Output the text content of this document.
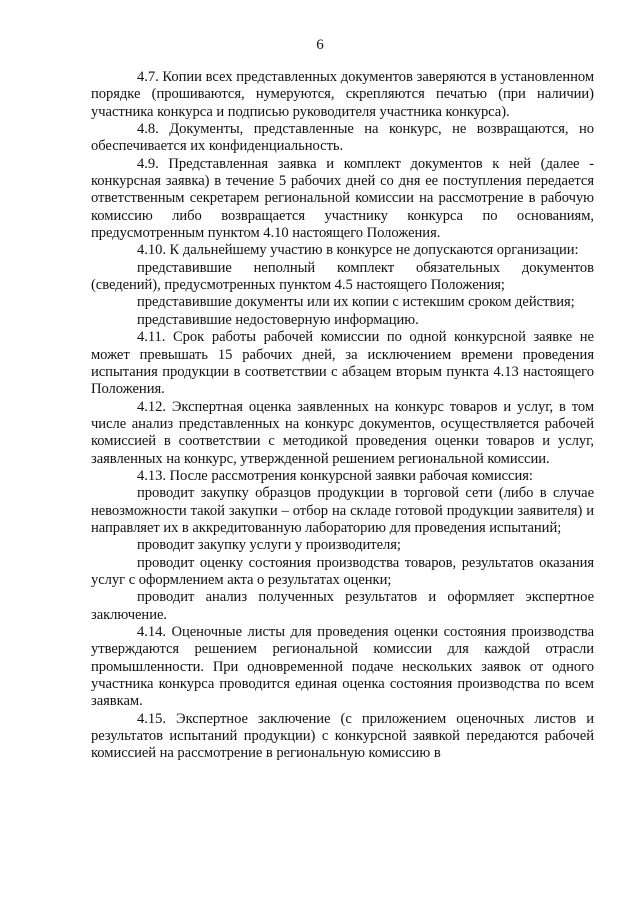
6

4.7. Копии всех представленных документов заверяются в установленном порядке (прошиваются, нумеруются, скрепляются печатью (при наличии) участника конкурса и подписью руководителя участника конкурса).

4.8. Документы, представленные на конкурс, не возвращаются, но обеспечивается их конфиденциальность.

4.9. Представленная заявка и комплект документов к ней (далее - конкурсная заявка) в течение 5 рабочих дней со дня ее поступления передается ответственным секретарем региональной комиссии на рассмотрение в рабочую комиссию либо возвращается участнику конкурса по основаниям, предусмотренным пунктом 4.10 настоящего Положения.

4.10. К дальнейшему участию в конкурсе не допускаются организации:

представившие неполный комплект обязательных документов (сведений), предусмотренных пунктом 4.5 настоящего Положения;

представившие документы или их копии с истекшим сроком действия;

представившие недостоверную информацию.

4.11. Срок работы рабочей комиссии по одной конкурсной заявке не может превышать 15 рабочих дней, за исключением времени проведения испытания продукции в соответствии с абзацем вторым пункта 4.13 настоящего Положения.

4.12. Экспертная оценка заявленных на конкурс товаров и услуг, в том числе анализ представленных на конкурс документов, осуществляется рабочей комиссией в соответствии с методикой проведения оценки товаров и услуг, заявленных на конкурс, утвержденной решением региональной комиссии.

4.13. После рассмотрения конкурсной заявки рабочая комиссия:

проводит закупку образцов продукции в торговой сети (либо в случае невозможности такой закупки – отбор на складе готовой продукции заявителя) и направляет их в аккредитованную лабораторию для проведения испытаний;

проводит закупку услуги у производителя;

проводит оценку состояния производства товаров, результатов оказания услуг с оформлением акта о результатах оценки;

проводит анализ полученных результатов и оформляет экспертное заключение.

4.14. Оценочные листы для проведения оценки состояния производства утверждаются решением региональной комиссии для каждой отрасли промышленности. При одновременной подаче нескольких заявок от одного участника конкурса проводится единая оценка состояния производства по всем заявкам.

4.15. Экспертное заключение (с приложением оценочных листов и результатов испытаний продукции) с конкурсной заявкой передаются рабочей комиссией на рассмотрение в региональную комиссию в
